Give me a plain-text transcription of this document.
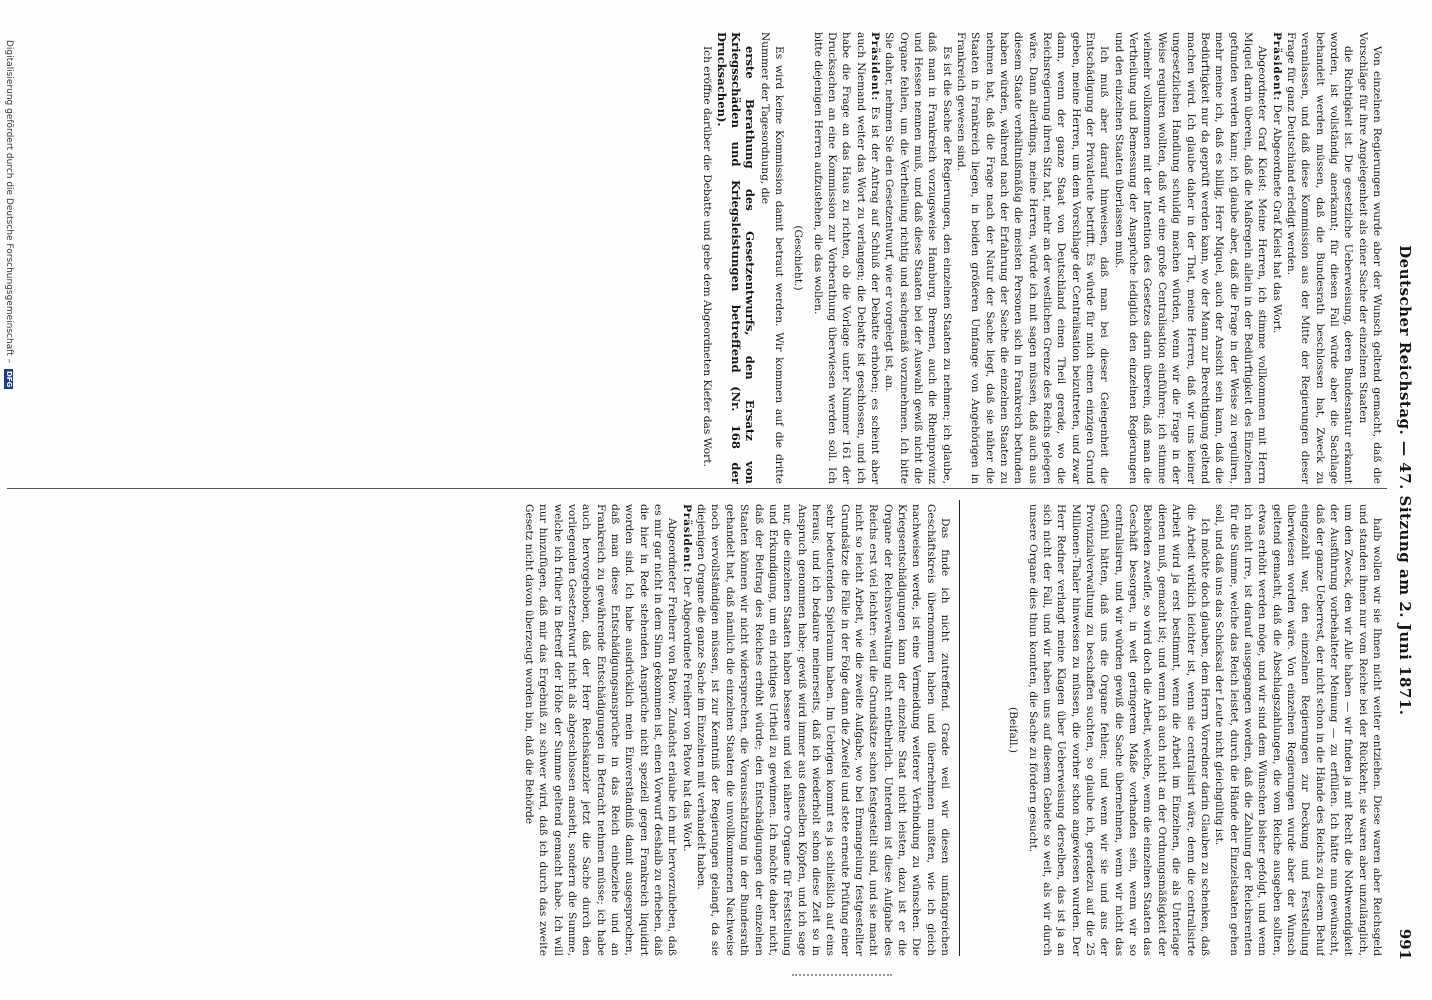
Deutscher Reichstag. — 47. Sitzung am 2. Juni 1871.
991

Von einzelnen Regierungen wurde aber der Wunsch geltend gemacht, daß die Vorschläge für ihre Angelegenheit als einer Sache der einzelnen Staaten

die Richtigkeit ist. Die gesetzliche Ueberweisung, deren Bundesnatur erkannt worden, ist vollständig anerkannt; für diesen Fall würde aber die Sachlage behandelt werden müssen, daß die Bundesrath beschlossen hat, Zweck zu veranlassen, und daß diese Kommission aus der Mitte der Regierungen dieser Frage für ganz Deutschland erledigt werden.

Präsident: Der Abgeordnete Graf Kleist hat das Wort.

Abgeordneter Graf Kleist: Meine Herren, ich stimme vollkommen mit Herrn Miquel darin überein, daß die Maßregeln allein in der Bedürftigkeit des Einzelnen gefunden werden kann; ich glaube aber, daß die Frage in der Weise zu reguliren, mehr meine ich, daß es billig, Herr Miquel, auch der Ansicht sein kann, daß die Bedürftigkeit nur da geprüft werden kann, wo der Mann zur Berechtigung geltend machen wird. Ich glaube daher in der That, meine Herren, daß wir uns keiner ungesetzlichen Handlung schuldig machen würden, wenn wir die Frage in der Weise reguliren wollten, daß wir eine große Centralisation einführen; ich stimme vielmehr vollkommen mit der Intention des Gesetzes darin überein, daß man die Vertheilung und Bemessung der Ansprüche lediglich den einzelnen Regierungen und den einzelnen Staaten überlassen muß.

Ich muß aber darauf hinweisen, daß man bei dieser Gelegenheit die Entschädigung der Privatleute betrifft. Es würde für mich einen einzigen Grund geben, meine Herren, um dem Vorschlage der Centralisation beizutreten, und zwar dann, wenn der ganze Staat von Deutschland einen Theil gerade, wo die Reichsregierung ihren Sitz hat, mehr an der westlichen Grenze des Reichs gelegen wäre. Dann allerdings, meine Herren, würde ich mit sagen müssen, daß auch aus diesem Staate verhältnißmäßig die meisten Personen sich in Frankreich befunden haben würden, während nach der Erfahrung der Sache die einzelnen Staaten zu nehmen hat, daß die Frage nach der Natur der Sache liegt, daß sie näher die Staaten in Frankreich liegen, in beiden größeren Umfange von Angehörigen in Frankreich gewesen sind.

Es ist die Sache der Regierungen, den einzelnen Staaten zu nehmen; ich glaube, daß man in Frankreich vorzugsweise Hamburg, Bremen, auch die Rheinprovinz und Hessen nennen muß, und daß diese Staaten bei der Auswahl gewiß nicht die Organe fehlen, um die Vertheilung richtig und sachgemäß vorzunehmen. Ich bitte Sie daher, nehmen Sie den Gesetzentwurf, wie er vorgelegt ist, an.

Präsident: Es ist der Antrag auf Schluß der Debatte erhoben; es scheint aber auch Niemand weiter das Wort zu verlangen; die Debatte ist geschlossen, und ich habe die Frage an das Haus zu richten, ob die Vorlage unter Nummer 161 der Drucksachen an eine Kommission zur Vorberathung überwiesen werden soll. Ich bitte diejenigen Herren aufzustehen, die das wollen.

(Geschieht.)

Es wird keine Kommission damit betraut werden. Wir kommen auf die dritte Nummer der Tagesordnung, die

erste Berathung des Gesetzentwurfs, den Ersatz von Kriegsschäden und Kriegsleistungen betreffend (Nr. 168 der Drucksachen).

Ich eröffne darüber die Debatte und gebe dem Abgeordneten Kiefer das Wort.

halb wollen wir sie Ihnen nicht weiter entziehen. Diese waren aber Reichsgeld und standen ihnen nur vom Reiche bei der Rückkehr, sie waren aber unzulänglich, um den Zweck, den wir Alle haben — wir finden ja mit Recht die Nothwendigkeit der Ausführung vorbehalteter Meinung — zu erfüllen. Ich hätte nun gewünscht, daß der ganze Ueberrest, der nicht schon in die Hände des Reichs zu diesem Behuf eingezahlt war, den einzelnen Regierungen zur Deckung und Feststellung überwiesen worden wäre. Von einzelnen Regierungen wurde aber der Wunsch geltend gemacht, daß die Abschlagszahlungen, die vom Reiche ausgeben sollten, etwas erhöht werden möge, und wir sind dem Wünschen bisher gefolgt, und wenn ich nicht irre, ist darauf ausgegangen worden, daß die Zahlung der Reichsrenten für die Summe, welche das Reich leistet, durch die Hände der Einzelstaaten gehen soll, und daß uns das Schicksal der Leute nicht gleichgültig ist.

Ich möchte doch glauben, dem Herrn Vorredner darin Glauben zu schenken, daß die Arbeit wirklich leichter ist, wenn sie centralisirt wäre, denn die centralisirte Arbeit wird ja erst bestimmt, wenn die Arbeit im Einzelnen, die als Unterlage dienen muß, gemacht ist; und wenn ich auch nicht an der Ordnungsmäßigkeit der Behörden zweifle, so wird doch die Arbeit, welche, wenn die einzelnen Staaten das Geschäft besorgen, in weit geringerem Maße vorhanden sein, wenn wir so centralisiren, und wir würden gewiß die Sache übernehmen, wenn wir nicht das Gefühl hätten, daß uns die Organe fehlen; und wenn wir sie und aus der Provinzialverwaltung zu beschaffen suchten, so glaube ich, geradezu auf die 25 Millionen-Thaler hinweisen zu müssen, die vorher schon angewiesen wurden. Der Herr Redner verlangt meine Klagen über Ueberweisung derselben, das ist ja an sich nicht der Fall, und wir haben uns auf diesem Gebiete so weit, als wir durch unsere Organe dies thun konnten, die Sache zu fördern gesucht.

(Beifall.)

Das finde ich nicht zutreffend. Grade weil wir diesen umfangreichen Geschäftskreis übernommen haben und übernehmen mußten, wie ich gleich nachweisen werde, ist eine Vermeidung weiterer Verbindung zu wünschen. Die Kriegsentschädigungen kann der einzelne Staat nicht leisten, dazu ist er die Organe der Reichsverwaltung nicht entbehrlich. Unterdem ist diese Aufgabe des Reichs erst viel leichter: weil die Grundsätze schon festgestellt sind, und sie macht nicht so leicht Arbeit, wie die zweite Aufgabe, wo bei Ermangelung festgestellter Grundsätze die Fälle in der Folge dann die Zweifel und stete erneute Prüfung einer sehr bedeutenden Spielraum haben. Im Uebrigen kommt es ja schließlich auf eins heraus, und ich bedaure meinerseits, daß ich wiederholt schon diese Zeit so in Anspruch genommen habe; gewiß wird immer aus denselben Köpfen, und ich sage nur, die einzelnen Staaten haben bessere und viel nähere Organe für Feststellung und Erkundigung, um ein richtiges Urtheil zu gewinnen. Ich möchte daher nicht, daß der Beitrag des Reiches erhöht würde; den Entschädigungen der einzelnen Staaten können wir nicht widersprechen, die Vorausschätzung in der Bundesrath gehandelt hat, daß nämlich die einzelnen Staaten die unvollkommenen Nachweise noch vervollständigen müssen, ist zur Kenntniß der Regierungen gelangt, da sie diejenigen Organe die ganze Sache im Einzelnen mit verhandelt haben.

Präsident: Der Abgeordnete Freiherr von Patow hat das Wort.

Abgeordneter Freiherr von Patow: Zunächst erlaube ich mir hervorzuheben, daß es mir gar nicht in dem Sinn gekommen ist, einen Vorwurf deshalb zu erheben, daß die hier in Rede stehenden Ansprüche nicht speziell gegen Frankreich liquidirt worden sind. Ich habe ausdrücklich mein Einverständniß damit ausgesprochen, daß man diese Entschädigungsansprüche in das Reich einbeziehe und an Frankreich zu gewährende Entschädigungen in Betracht nehmen müsse; ich habe auch hervorgehoben, daß der Herr Reichskanzler jetzt die Sache durch den vorliegenden Gesetzentwurf nicht als abgeschlossen ansieht, sondern die Summe, welche ich früher in Betreff der Höhe der Summe geltend gemacht habe. Ich will nur hinzufügen, daß mir das Ergebniß zu schwer wird, daß ich durch das zweite Gesetz nicht davon überzeugt worden bin, daß die Behörde

Digitalisierung gefördert durch die Deutsche Forschungsgemeinschaft –
DFG
